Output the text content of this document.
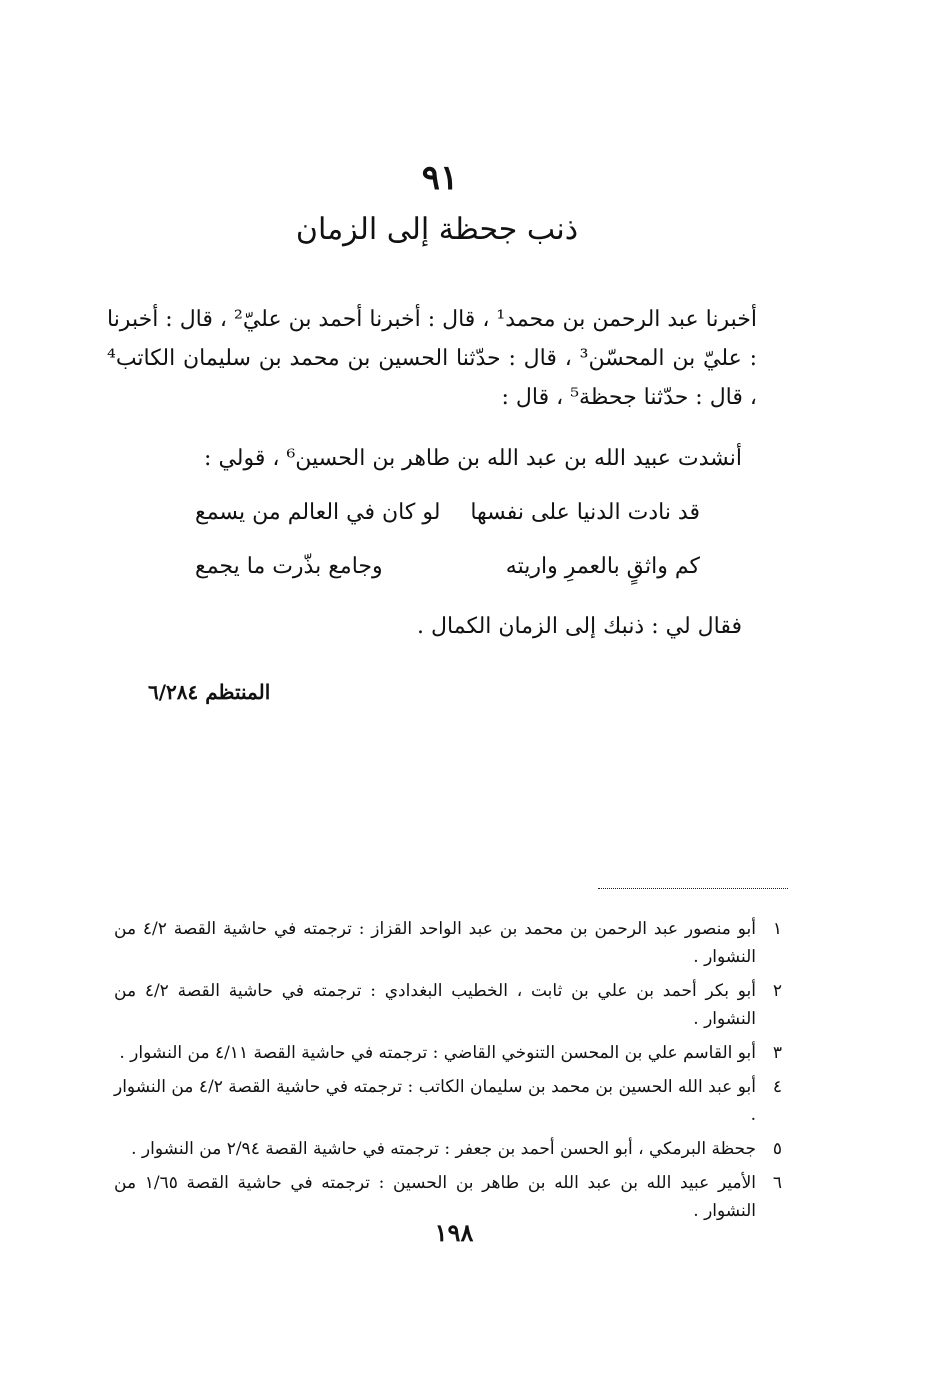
٩١
ذنب جحظة إلى الزمان

أخبرنا عبد الرحمن بن محمد¹ ، قال : أخبرنا أحمد بن عليّ² ، قال : أخبرنا : عليّ بن المحسّن³ ، قال : حدّثنا الحسين بن محمد بن سليمان الكاتب⁴ ، قال : حدّثنا جحظة⁵ ، قال :

أنشدت عبيد الله بن عبد الله بن طاهر بن الحسين⁶ ، قولي :
قد نادت الدنيا على نفسها
لو كان في العالم من يسمع
كم واثقٍ بالعمرِ واريته
وجامع بذّرت ما يجمع
فقال لي : ذنبك إلى الزمان الكمال .
المنتظم ٦/٢٨٤
١
أبو منصور عبد الرحمن بن محمد بن عبد الواحد القزاز : ترجمته في حاشية القصة ٤/٢ من النشوار .
٢
أبو بكر أحمد بن علي بن ثابت ، الخطيب البغدادي : ترجمته في حاشية القصة ٤/٢ من النشوار .
٣
أبو القاسم علي بن المحسن التنوخي القاضي : ترجمته في حاشية القصة ٤/١١ من النشوار .
٤
أبو عبد الله الحسين بن محمد بن سليمان الكاتب : ترجمته في حاشية القصة ٤/٢ من النشوار .
٥
جحظة البرمكي ، أبو الحسن أحمد بن جعفر : ترجمته في حاشية القصة ٢/٩٤ من النشوار .
٦
الأمير عبيد الله بن عبد الله بن طاهر بن الحسين : ترجمته في حاشية القصة ١/٦٥ من النشوار .
١٩٨
